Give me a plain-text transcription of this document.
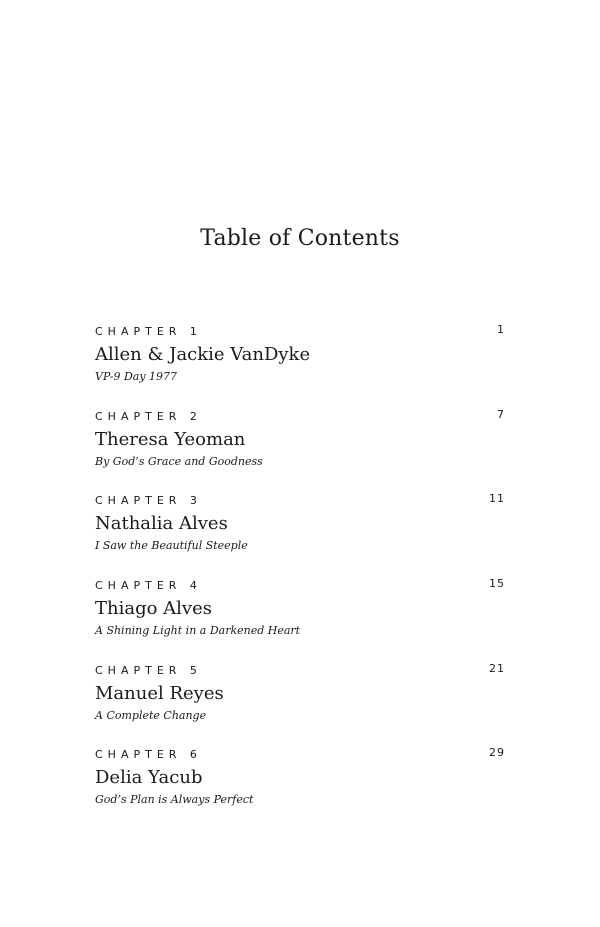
Table of Contents
CHAPTER 1	1
Allen & Jackie VanDyke
VP-9 Day 1977
CHAPTER 2	7
Theresa Yeoman
By God’s Grace and Goodness
CHAPTER 3	11
Nathalia Alves
I Saw the Beautiful Steeple
CHAPTER 4	15
Thiago Alves
A Shining Light in a Darkened Heart
CHAPTER 5	21
Manuel Reyes
A Complete Change
CHAPTER 6	29
Delia Yacub
God’s Plan is Always Perfect
